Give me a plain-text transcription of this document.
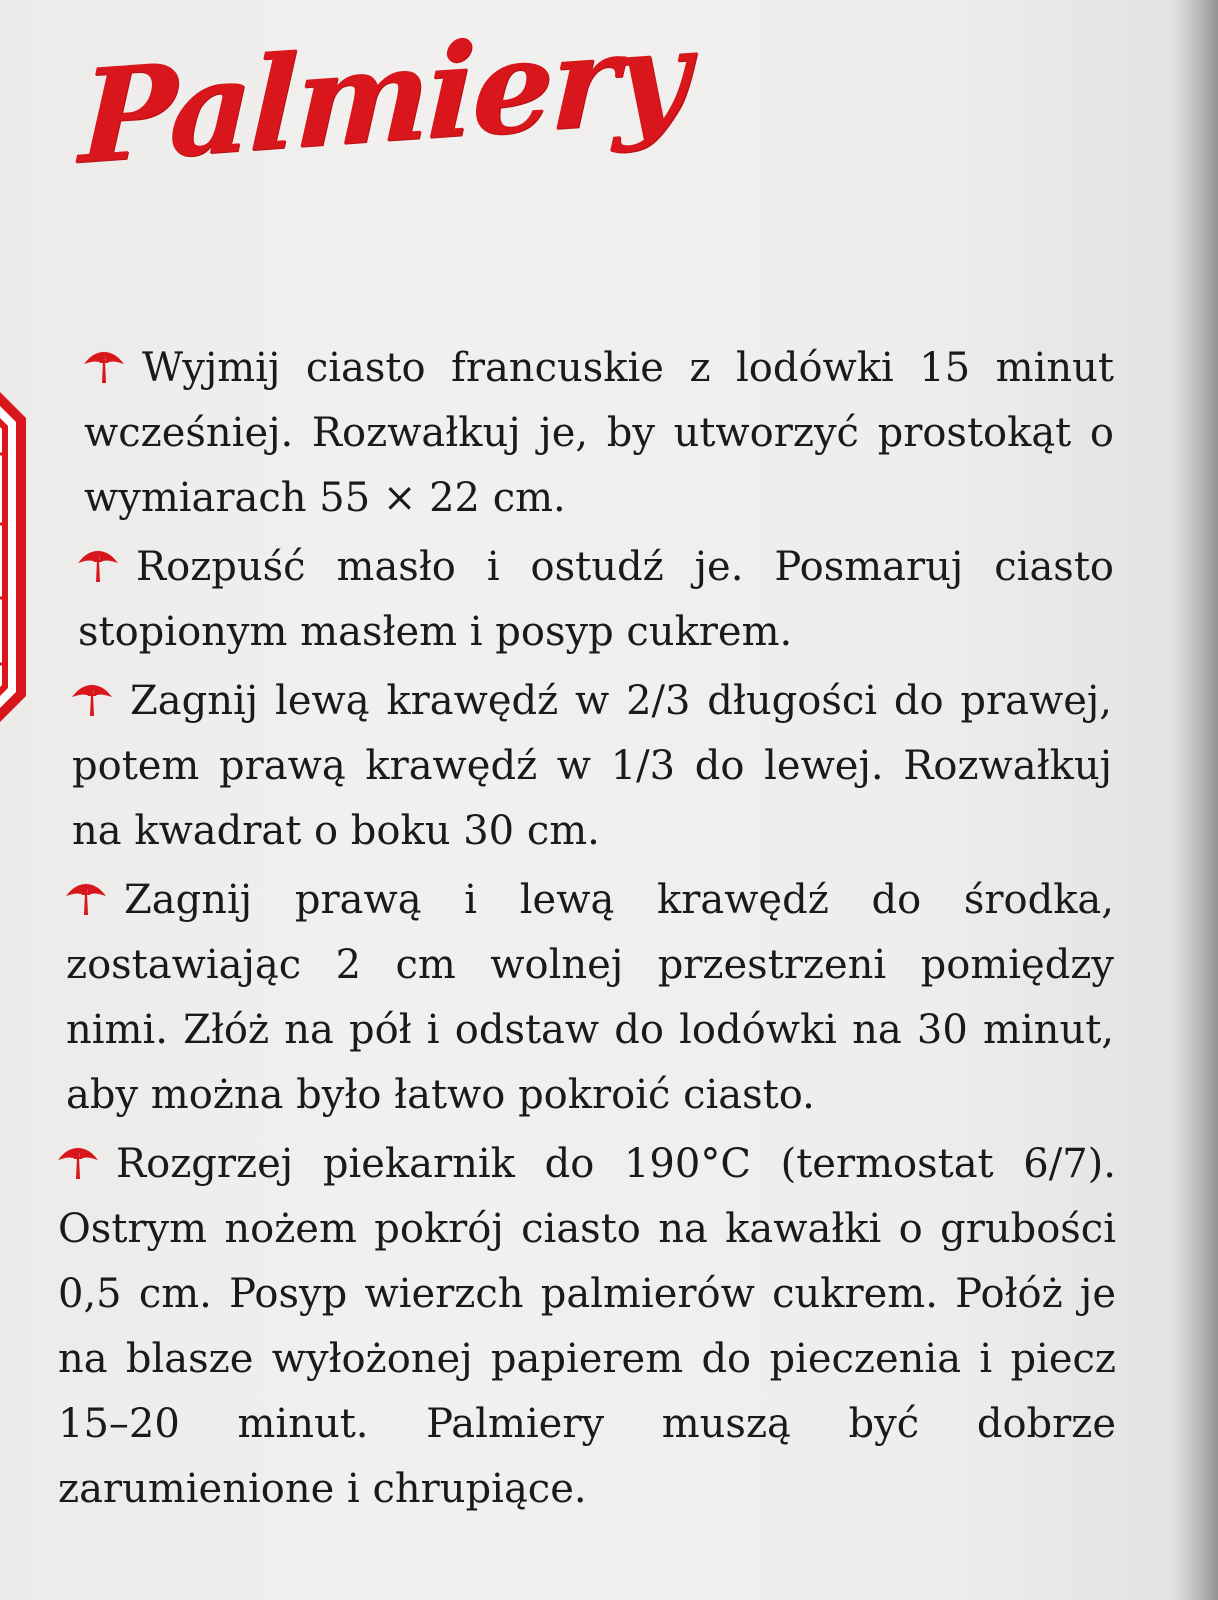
Palmiery

Wyjmij ciasto francuskie z lodówki 15 minut wcześniej. Rozwałkuj je, by utworzyć prostokąt o wymiarach 55 × 22 cm.

Rozpuść masło i ostudź je. Posmaruj ciasto stopionym masłem i posyp cukrem.

Zagnij lewą krawędź w 2/3 długości do prawej, potem prawą krawędź w 1/3 do lewej. Rozwałkuj na kwadrat o boku 30 cm.

Zagnij prawą i lewą krawędź do środka, zostawiając 2 cm wolnej przestrzeni pomiędzy nimi. Złóż na pół i odstaw do lodówki na 30 minut, aby można było łatwo pokroić ciasto.

Rozgrzej piekarnik do 190°C (termostat 6/7). Ostrym nożem pokrój ciasto na kawałki o grubości 0,5 cm. Posyp wierzch palmierów cukrem. Połóż je na blasze wyłożonej papierem do pieczenia i piecz 15–20 minut. Palmiery muszą być dobrze zarumienione i chrupiące.
